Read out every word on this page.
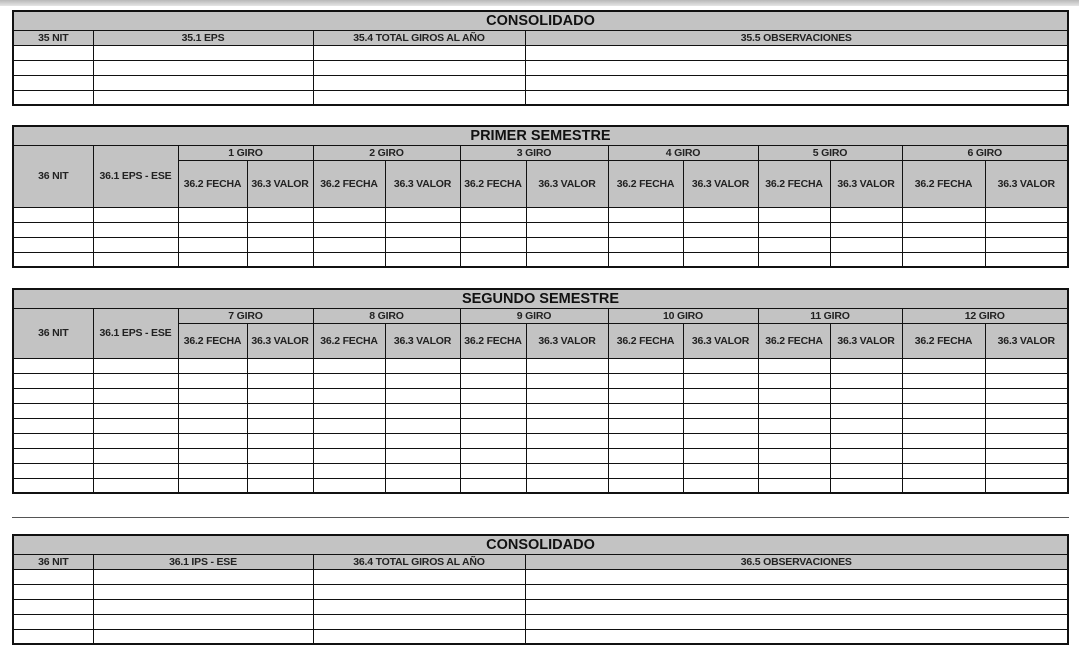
CONSOLIDADO			
35 NIT	35.1 EPS	35.4 TOTAL GIROS AL AÑO	35.5 OBSERVACIONES

PRIMER SEMESTRE													
36 NIT	36.1 EPS - ESE	1 GIRO		2 GIRO		3 GIRO		4 GIRO		5 GIRO		6 GIRO	
		36.2 FECHA	36.3 VALOR	36.2 FECHA	36.3 VALOR	36.2 FECHA	36.3 VALOR	36.2 FECHA	36.3 VALOR	36.2 FECHA	36.3 VALOR	36.2 FECHA	36.3 VALOR

SEGUNDO SEMESTRE													
36 NIT	36.1 EPS - ESE	7 GIRO		8 GIRO		9 GIRO		10 GIRO		11 GIRO		12 GIRO	
		36.2 FECHA	36.3 VALOR	36.2 FECHA	36.3 VALOR	36.2 FECHA	36.3 VALOR	36.2 FECHA	36.3 VALOR	36.2 FECHA	36.3 VALOR	36.2 FECHA	36.3 VALOR

CONSOLIDADO			
36 NIT	36.1 IPS - ESE	36.4 TOTAL GIROS AL AÑO	36.5 OBSERVACIONES
